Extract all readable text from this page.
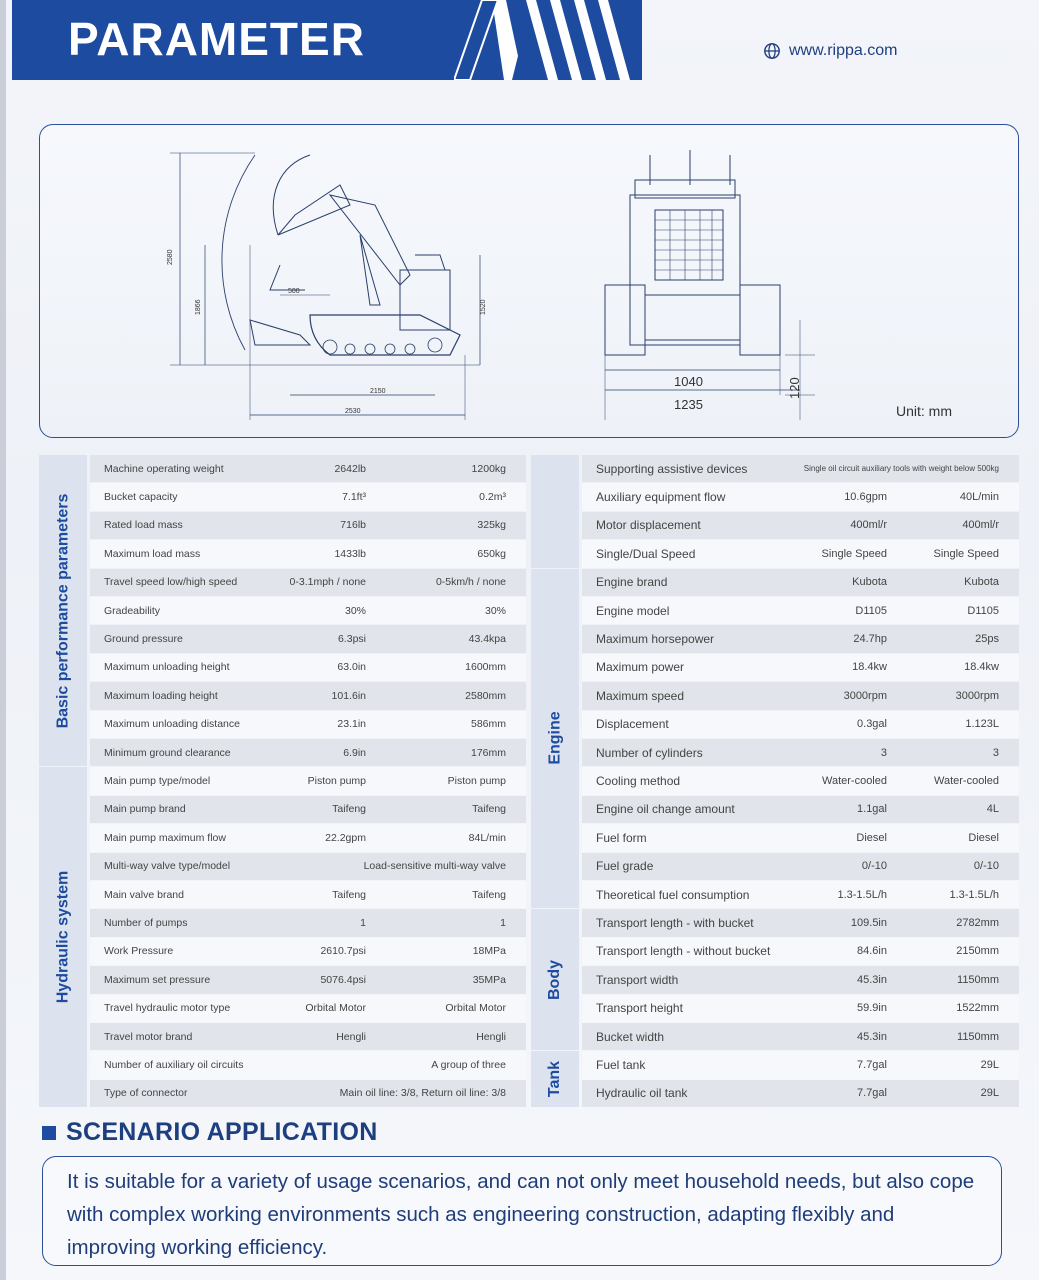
PARAMETER	www.rippa.com
2580
1866	1520
500
2150
2530
1040
1235
120
Unit: mm
Basic performance parameters
Hydraulic system
Machine operating weight	2642lb	1200kg
Bucket capacity	7.1ft³	0.2m³
Rated load mass	716lb	325kg
Maximum load mass	1433lb	650kg
Travel speed low/high speed	0-3.1mph / none	0-5km/h / none
Gradeability	30%	30%
Ground pressure	6.3psi	43.4kpa
Maximum unloading height	63.0in	1600mm
Maximum loading height	101.6in	2580mm
Maximum unloading distance	23.1in	586mm
Minimum ground clearance	6.9in	176mm
Main pump type/model	Piston pump	Piston pump
Main pump brand	Taifeng	Taifeng
Main pump maximum flow	22.2gpm	84L/min
Multi-way valve type/model	Load-sensitive multi-way valve
Main valve brand	Taifeng	Taifeng
Number of pumps	1	1
Work Pressure	2610.7psi	18MPa
Maximum set pressure	5076.4psi	35MPa
Travel hydraulic motor type	Orbital Motor	Orbital Motor
Travel motor brand	Hengli	Hengli
Number of auxiliary oil circuits	A group of three
Type of connector	Main oil line: 3/8, Return oil line: 3/8
Engine
Body
Tank
Supporting assistive devices	Single oil circuit auxiliary tools with weight below 500kg
Auxiliary equipment flow	10.6gpm	40L/min
Motor displacement	400ml/r	400ml/r
Single/Dual Speed	Single Speed	Single Speed
Engine brand	Kubota	Kubota
Engine model	D1105	D1105
Maximum horsepower	24.7hp	25ps
Maximum power	18.4kw	18.4kw
Maximum speed	3000rpm	3000rpm
Displacement	0.3gal	1.123L
Number of cylinders	3	3
Cooling method	Water-cooled	Water-cooled
Engine oil change amount	1.1gal	4L
Fuel form	Diesel	Diesel
Fuel grade	0/-10	0/-10
Theoretical fuel consumption	1.3-1.5L/h	1.3-1.5L/h
Transport length - with bucket	109.5in	2782mm
Transport length - without bucket	84.6in	2150mm
Transport width	45.3in	1150mm
Transport height	59.9in	1522mm
Bucket width	45.3in	1150mm
Fuel tank	7.7gal	29L
Hydraulic oil tank	7.7gal	29L
SCENARIO APPLICATION
It is suitable for a variety of usage scenarios, and can not only meet household needs, but also cope with complex working environments such as engineering construction, adapting flexibly and improving working efficiency.
